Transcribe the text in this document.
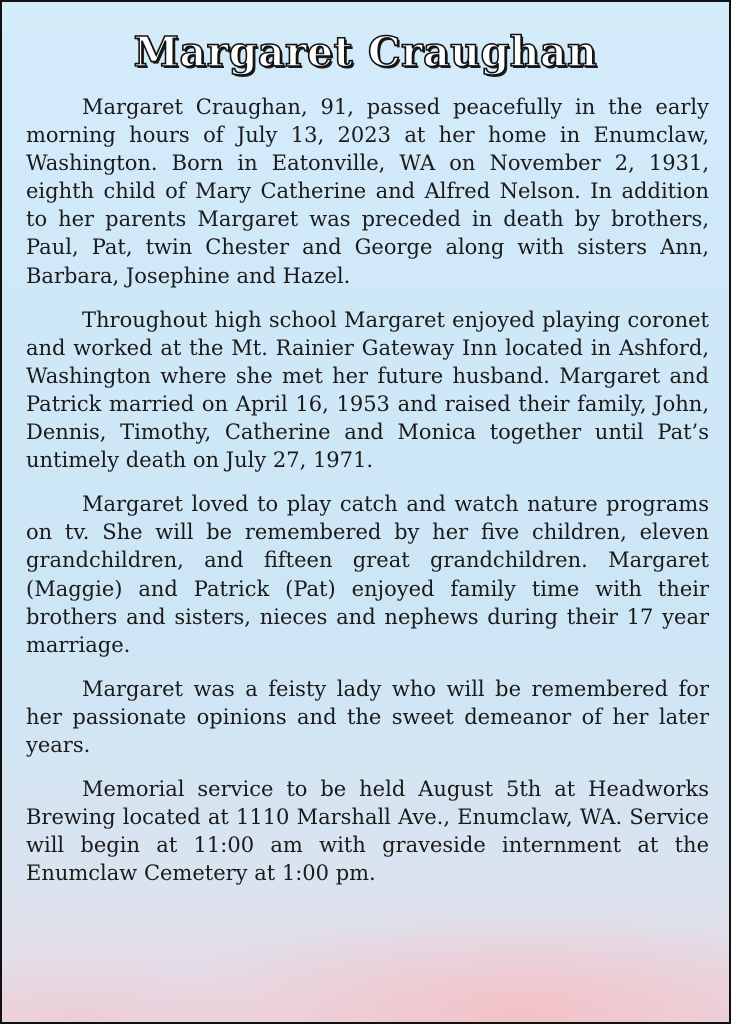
Margaret Craughan

Margaret Craughan, 91, passed peacefully in the early morning hours of July 13, 2023 at her home in Enumclaw, Washington. Born in Eatonville, WA on November 2, 1931, eighth child of Mary Catherine and Alfred Nelson. In addition to her parents Margaret was preceded in death by brothers, Paul, Pat, twin Chester and George along with sisters Ann, Barbara, Josephine and Hazel.

Throughout high school Margaret enjoyed playing coronet and worked at the Mt. Rainier Gateway Inn located in Ashford, Washington where she met her future husband. Margaret and Patrick married on April 16, 1953 and raised their family, John, Dennis, Timothy, Catherine and Monica together until Pat’s untimely death on July 27, 1971.

Margaret loved to play catch and watch nature programs on tv. She will be remembered by her five children, eleven grandchildren, and fifteen great grandchildren. Margaret (Maggie) and Patrick (Pat) enjoyed family time with their brothers and sisters, nieces and nephews during their 17 year marriage.

Margaret was a feisty lady who will be remembered for her passionate opinions and the sweet demeanor of her later years.

Memorial service to be held August 5th at Headworks Brewing located at 1110 Marshall Ave., Enumclaw, WA. Service will begin at 11:00 am with graveside internment at the Enumclaw Cemetery at 1:00 pm.
